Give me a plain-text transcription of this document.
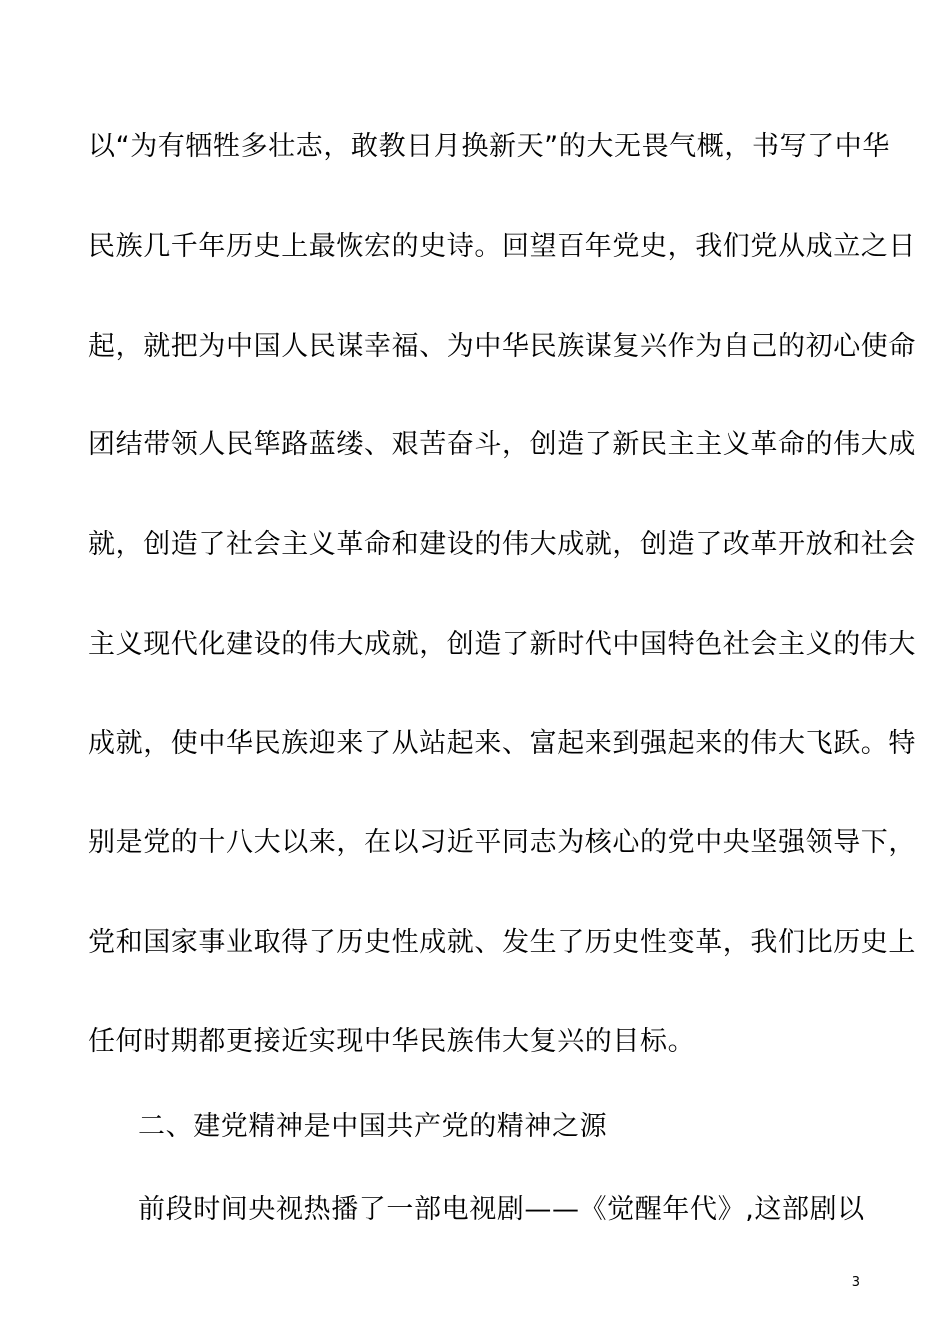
以“为有牺牲多壮志，敢教日月换新天”的大无畏气概，书写了中华
民族几千年历史上最恢宏的史诗。回望百年党史，我们党从成立之日
起，就把为中国人民谋幸福、为中华民族谋复兴作为自己的初心使命
团结带领人民筚路蓝缕、艰苦奋斗，创造了新民主主义革命的伟大成
就，创造了社会主义革命和建设的伟大成就，创造了改革开放和社会
主义现代化建设的伟大成就，创造了新时代中国特色社会主义的伟大
成就，使中华民族迎来了从站起来、富起来到强起来的伟大飞跃。特
别是党的十八大以来，在以习近平同志为核心的党中央坚强领导下，
党和国家事业取得了历史性成就、发生了历史性变革，我们比历史上
任何时期都更接近实现中华民族伟大复兴的目标。
二、建党精神是中国共产党的精神之源
前段时间央视热播了一部电视剧——《觉醒年代》,这部剧以
3
